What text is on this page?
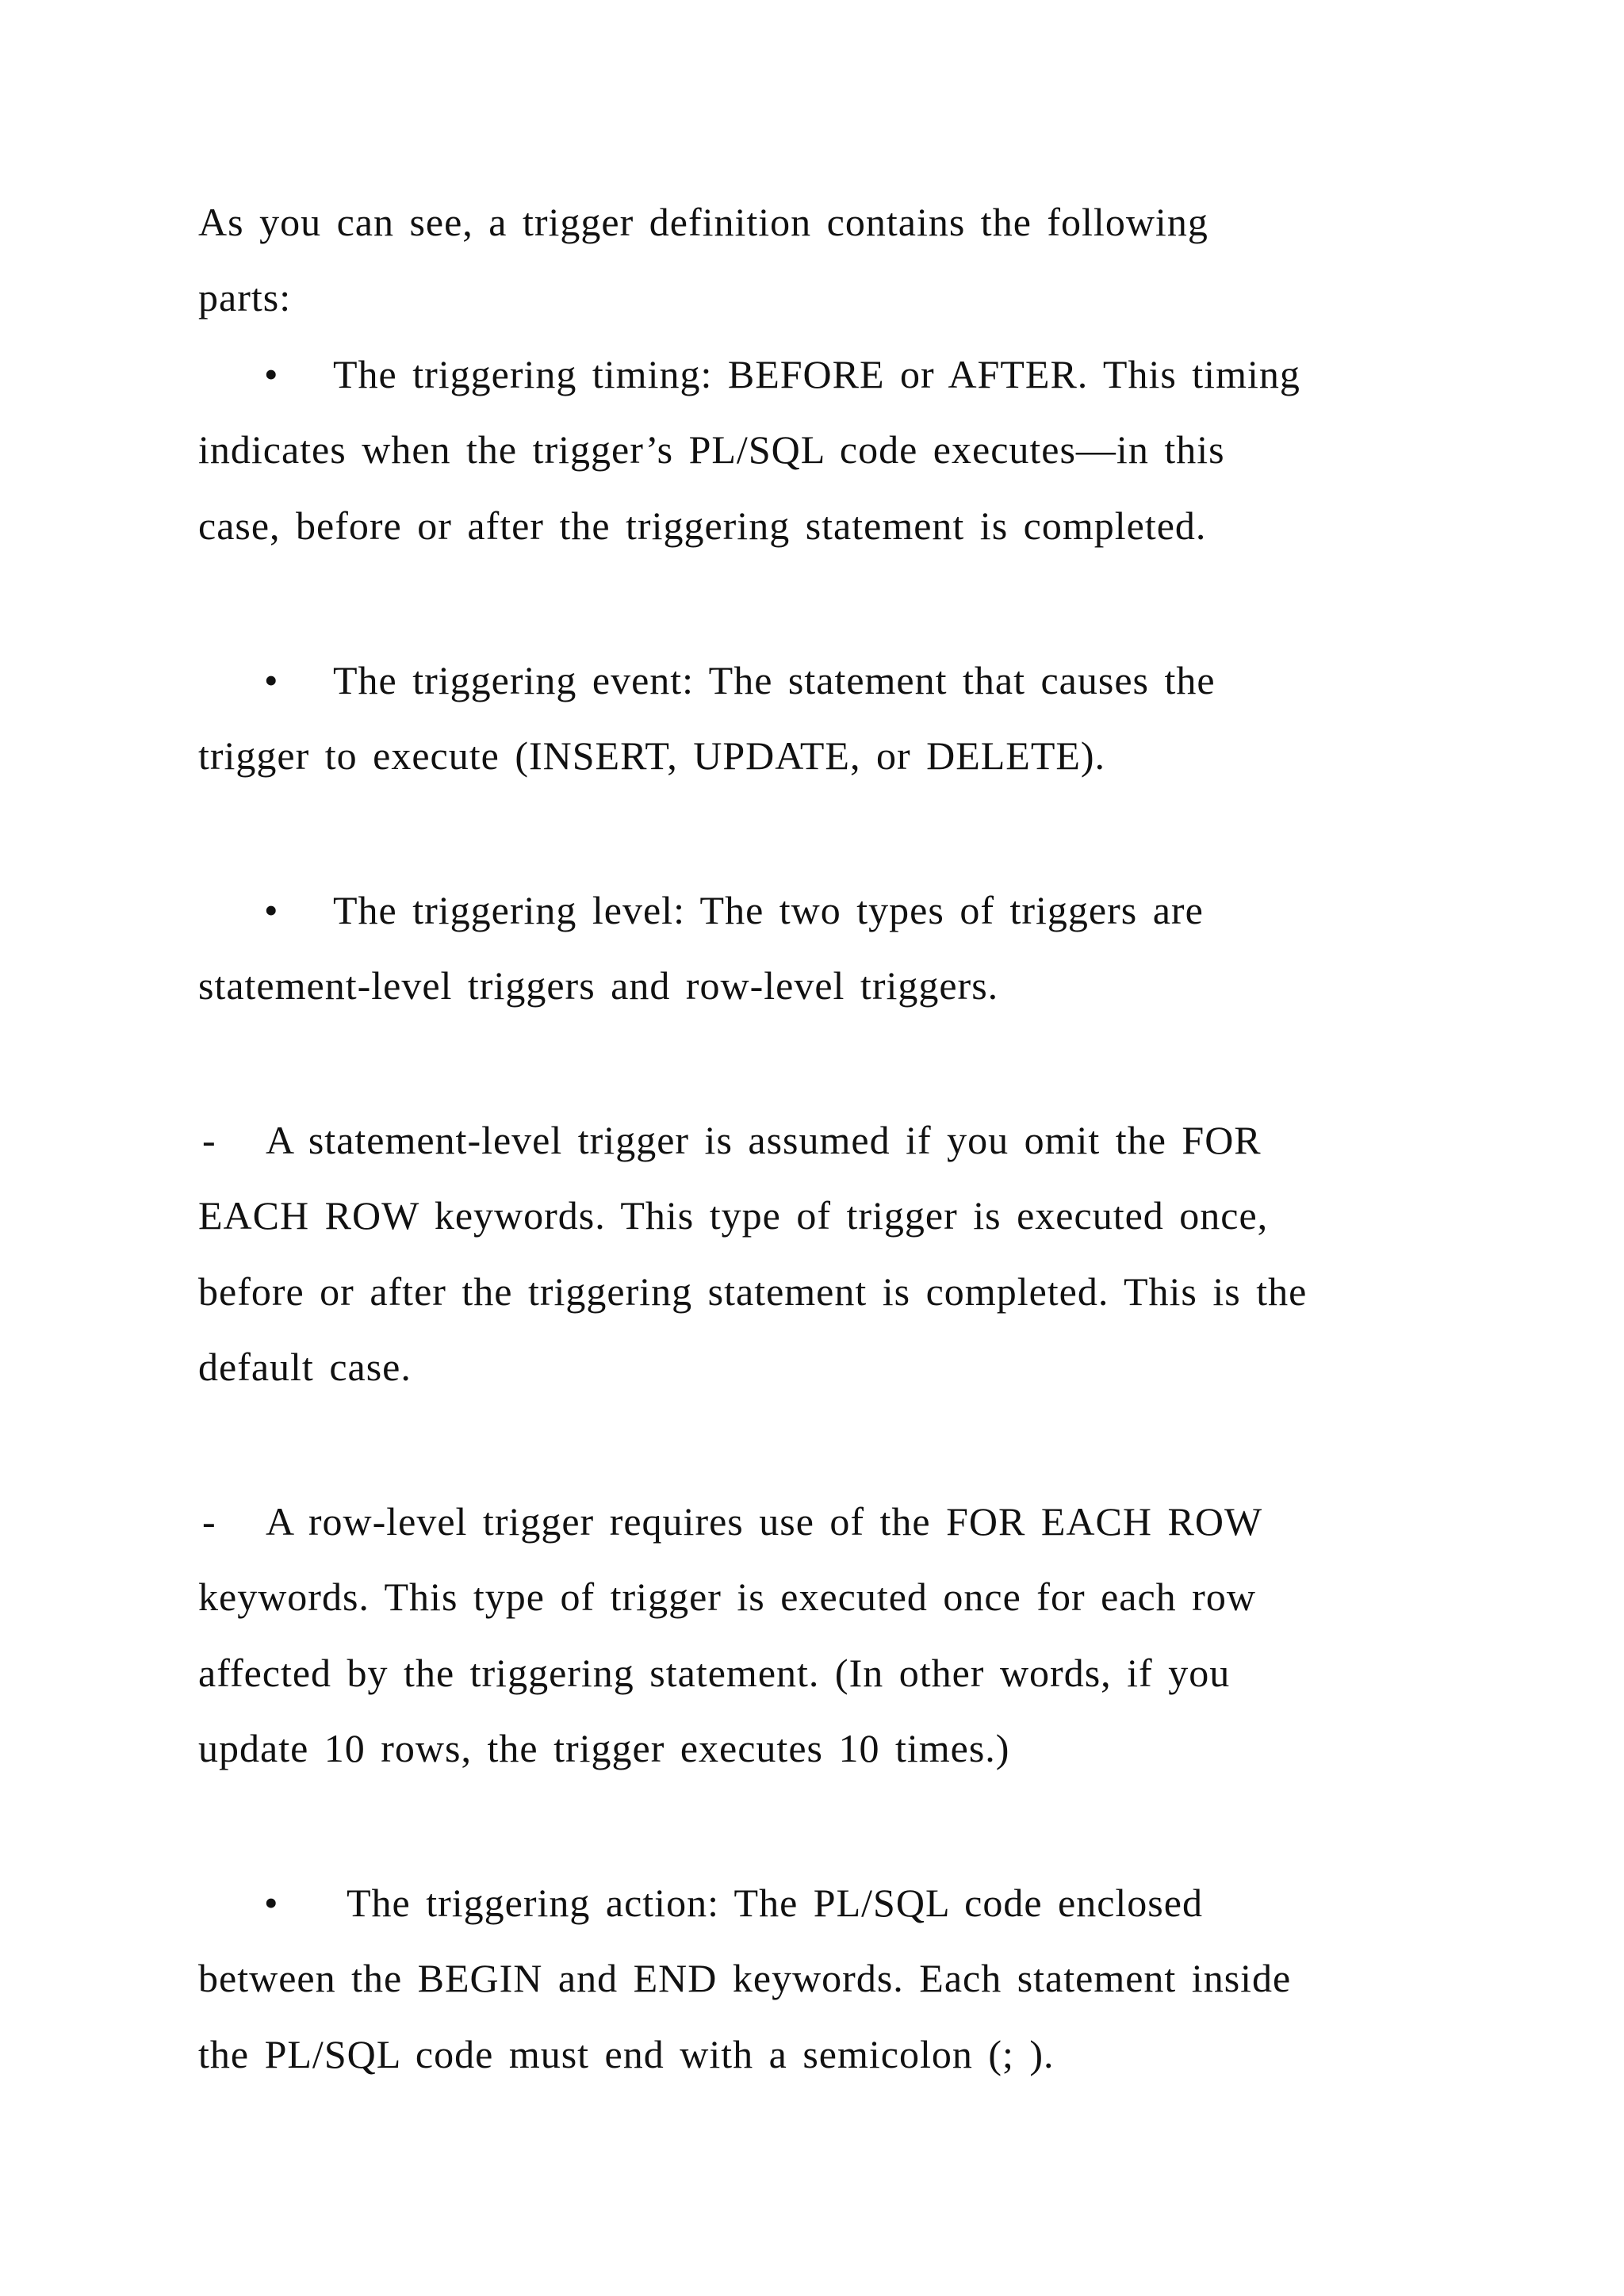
As you can see, a trigger definition contains the following
parts:
• The triggering timing: BEFORE or AFTER. This timing
indicates when the trigger’s PL/SQL code executes—in this
case, before or after the triggering statement is completed.
• The triggering event: The statement that causes the
trigger to execute (INSERT, UPDATE, or DELETE).
• The triggering level: The two types of triggers are
statement-level triggers and row-level triggers.
- A statement-level trigger is assumed if you omit the FOR
EACH ROW keywords. This type of trigger is executed once,
before or after the triggering statement is completed. This is the
default case.
- A row-level trigger requires use of the FOR EACH ROW
keywords. This type of trigger is executed once for each row
affected by the triggering statement. (In other words, if you
update 10 rows, the trigger executes 10 times.)
• The triggering action: The PL/SQL code enclosed
between the BEGIN and END keywords. Each statement inside
the PL/SQL code must end with a semicolon (; ).
